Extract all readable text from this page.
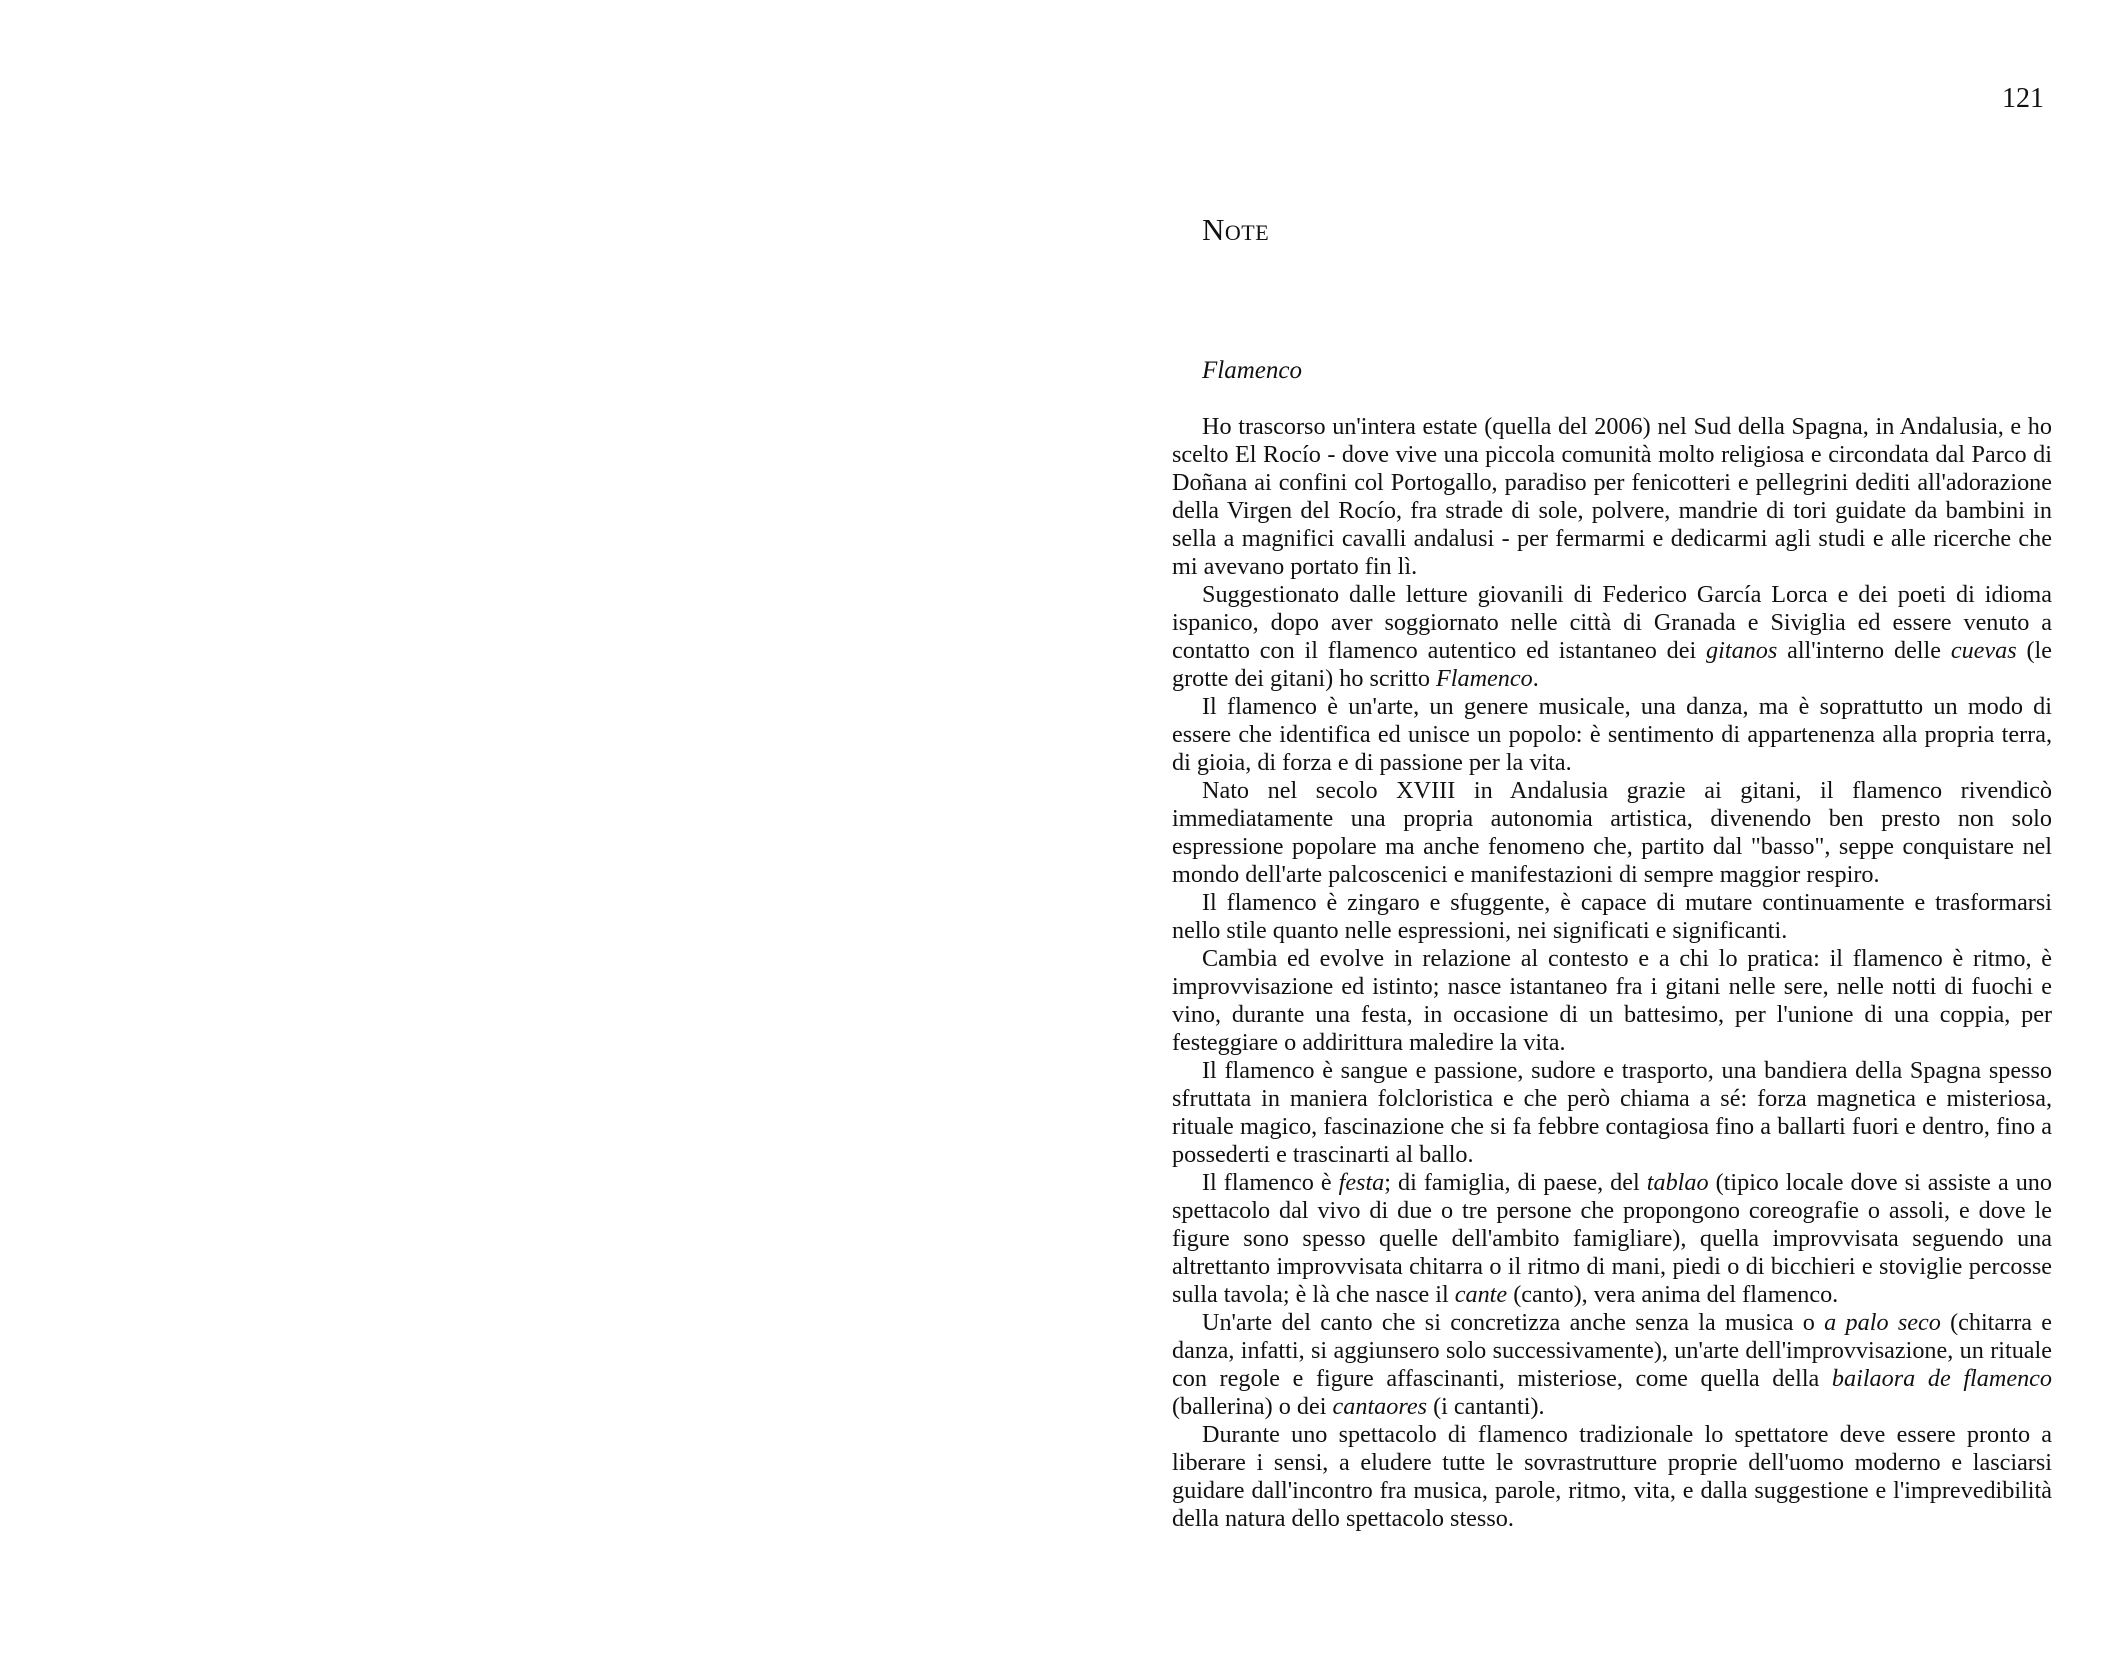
121
Note
Flamenco
Ho trascorso un'intera estate (quella del 2006) nel Sud della Spagna, in Andalusia, e ho scelto El Rocío - dove vive una piccola comunità molto religiosa e circondata dal Parco di Doñana ai confini col Portogallo, paradiso per fenicotteri e pellegrini dediti all'adorazione della Virgen del Rocío, fra strade di sole, polvere, mandrie di tori guidate da bambini in sella a magnifici cavalli andalusi - per fermarmi e dedicarmi agli studi e alle ricerche che mi avevano portato fin lì.
Suggestionato dalle letture giovanili di Federico García Lorca e dei poeti di idioma ispanico, dopo aver soggiornato nelle città di Granada e Siviglia ed essere venuto a contatto con il flamenco autentico ed istantaneo dei gitanos all'interno delle cuevas (le grotte dei gitani) ho scritto Flamenco.
Il flamenco è un'arte, un genere musicale, una danza, ma è soprattutto un modo di essere che identifica ed unisce un popolo: è sentimento di appartenenza alla propria terra, di gioia, di forza e di passione per la vita.
Nato nel secolo XVIII in Andalusia grazie ai gitani, il flamenco rivendicò immediatamente una propria autonomia artistica, divenendo ben presto non solo espressione popolare ma anche fenomeno che, partito dal "basso", seppe conquistare nel mondo dell'arte palcoscenici e manifestazioni di sempre maggior respiro.
Il flamenco è zingaro e sfuggente, è capace di mutare continuamente e trasformarsi nello stile quanto nelle espressioni, nei significati e significanti.
Cambia ed evolve in relazione al contesto e a chi lo pratica: il flamenco è ritmo, è improvvisazione ed istinto; nasce istantaneo fra i gitani nelle sere, nelle notti di fuochi e vino, durante una festa, in occasione di un battesimo, per l'unione di una coppia, per festeggiare o addirittura maledire la vita.
Il flamenco è sangue e passione, sudore e trasporto, una bandiera della Spagna spesso sfruttata in maniera folcloristica e che però chiama a sé: forza magnetica e misteriosa, rituale magico, fascinazione che si fa febbre contagiosa fino a ballarti fuori e dentro, fino a possederti e trascinarti al ballo.
Il flamenco è festa; di famiglia, di paese, del tablao (tipico locale dove si assiste a uno spettacolo dal vivo di due o tre persone che propongono coreografie o assoli, e dove le figure sono spesso quelle dell'ambito famigliare), quella improvvisata seguendo una altrettanto improvvisata chitarra o il ritmo di mani, piedi o di bicchieri e stoviglie percosse sulla tavola; è là che nasce il cante (canto), vera anima del flamenco.
Un'arte del canto che si concretizza anche senza la musica o a palo seco (chitarra e danza, infatti, si aggiunsero solo successivamente), un'arte dell'improvvisazione, un rituale con regole e figure affascinanti, misteriose, come quella della bailaora de flamenco (ballerina) o dei cantaores (i cantanti).
Durante uno spettacolo di flamenco tradizionale lo spettatore deve essere pronto a liberare i sensi, a eludere tutte le sovrastrutture proprie dell'uomo moderno e lasciarsi guidare dall'incontro fra musica, parole, ritmo, vita, e dalla suggestione e l'imprevedibilità della natura dello spettacolo stesso.
